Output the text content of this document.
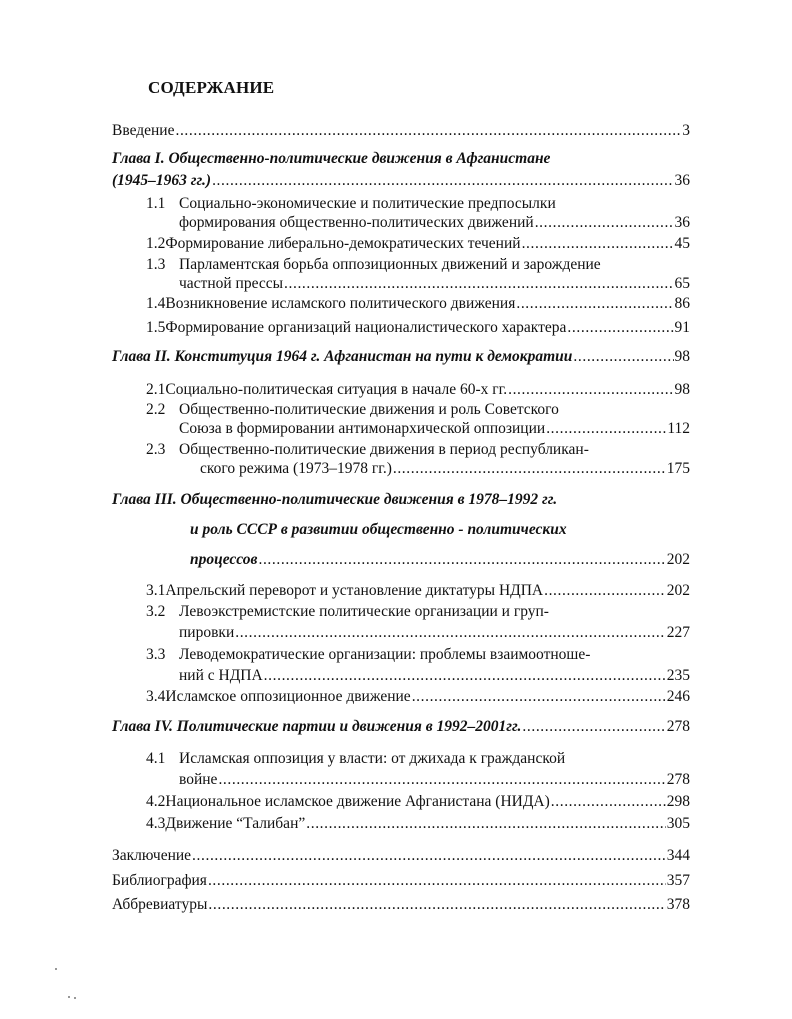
СОДЕРЖАНИЕ
Введение .....	3
Глава I. Общественно-политические движения в Афганистане
(1945–1963 гг.) .....	36
1.1 Социально-экономические и политические предпосылки
формирования общественно-политических движений .....	36
1.2 Формирование либерально-демократических течений .....	45
1.3 Парламентская борьба оппозиционных движений и зарождение
частной прессы .....	65
1.4 Возникновение исламского политического движения .....	86
1.5 Формирование организаций националистического характера .....	91
Глава II. Конституция 1964 г. Афганистан на пути к демократии .....	98
2.1 Социально-политическая ситуация в начале 60-х гг. .....	98
2.2 Общественно-политические движения и роль Советского
Союза в формировании антимонархической оппозиции .....	112
2.3 Общественно-политические движения в период республикан-
ского режима (1973–1978 гг.) .....	175
Глава III. Общественно-политические движения в 1978–1992 гг.
и роль СССР в развитии общественно - политических
процессов .....	202
3.1 Апрельский переворот и установление диктатуры НДПА .....	202
3.2 Левоэкстремистские политические организации и груп-
пировки .....	227
3.3 Леводемократические организации: проблемы взаимоотноше-
ний с НДПА .....	235
3.4 Исламское оппозиционное движение .....	246
Глава IV. Политические партии и движения в 1992–2001гг. .....	278
4.1 Исламская оппозиция у власти: от джихада к гражданской
войне .....	278
4.2 Национальное исламское движение Афганистана (НИДА) .....	298
4.3 Движение “Талибан” .....	305
Заключение .....	344
Библиография .....	357
Аббревиатуры .....	378
